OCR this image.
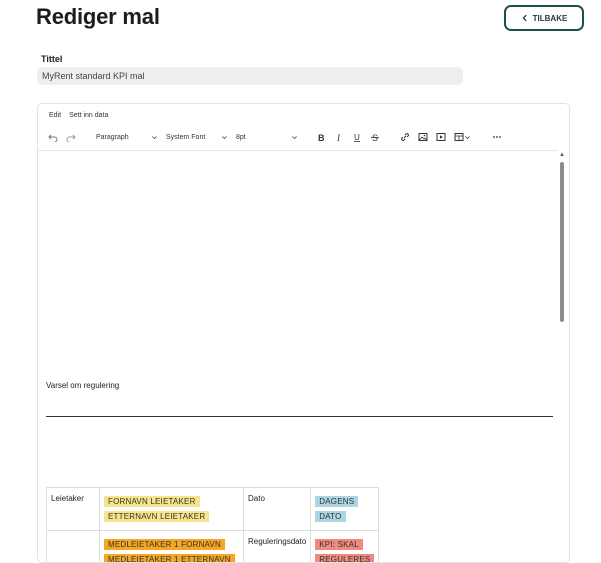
Rediger mal	TILBAKE
Tittel
MyRent standard KPI mal
Edit Sett inn data
Paragraph	System Font	8pt	B I U S
Varsel om regulering
Leietaker	FORNAVN LEIETAKER ETTERNAVN LEIETAKER	Dato	DAGENS DATO
	MEDLEIETAKER 1 FORNAVN MEDLEIETAKER 1 ETTERNAVN	Reguleringsdato	KPI: SKAL REGULERES
▲
